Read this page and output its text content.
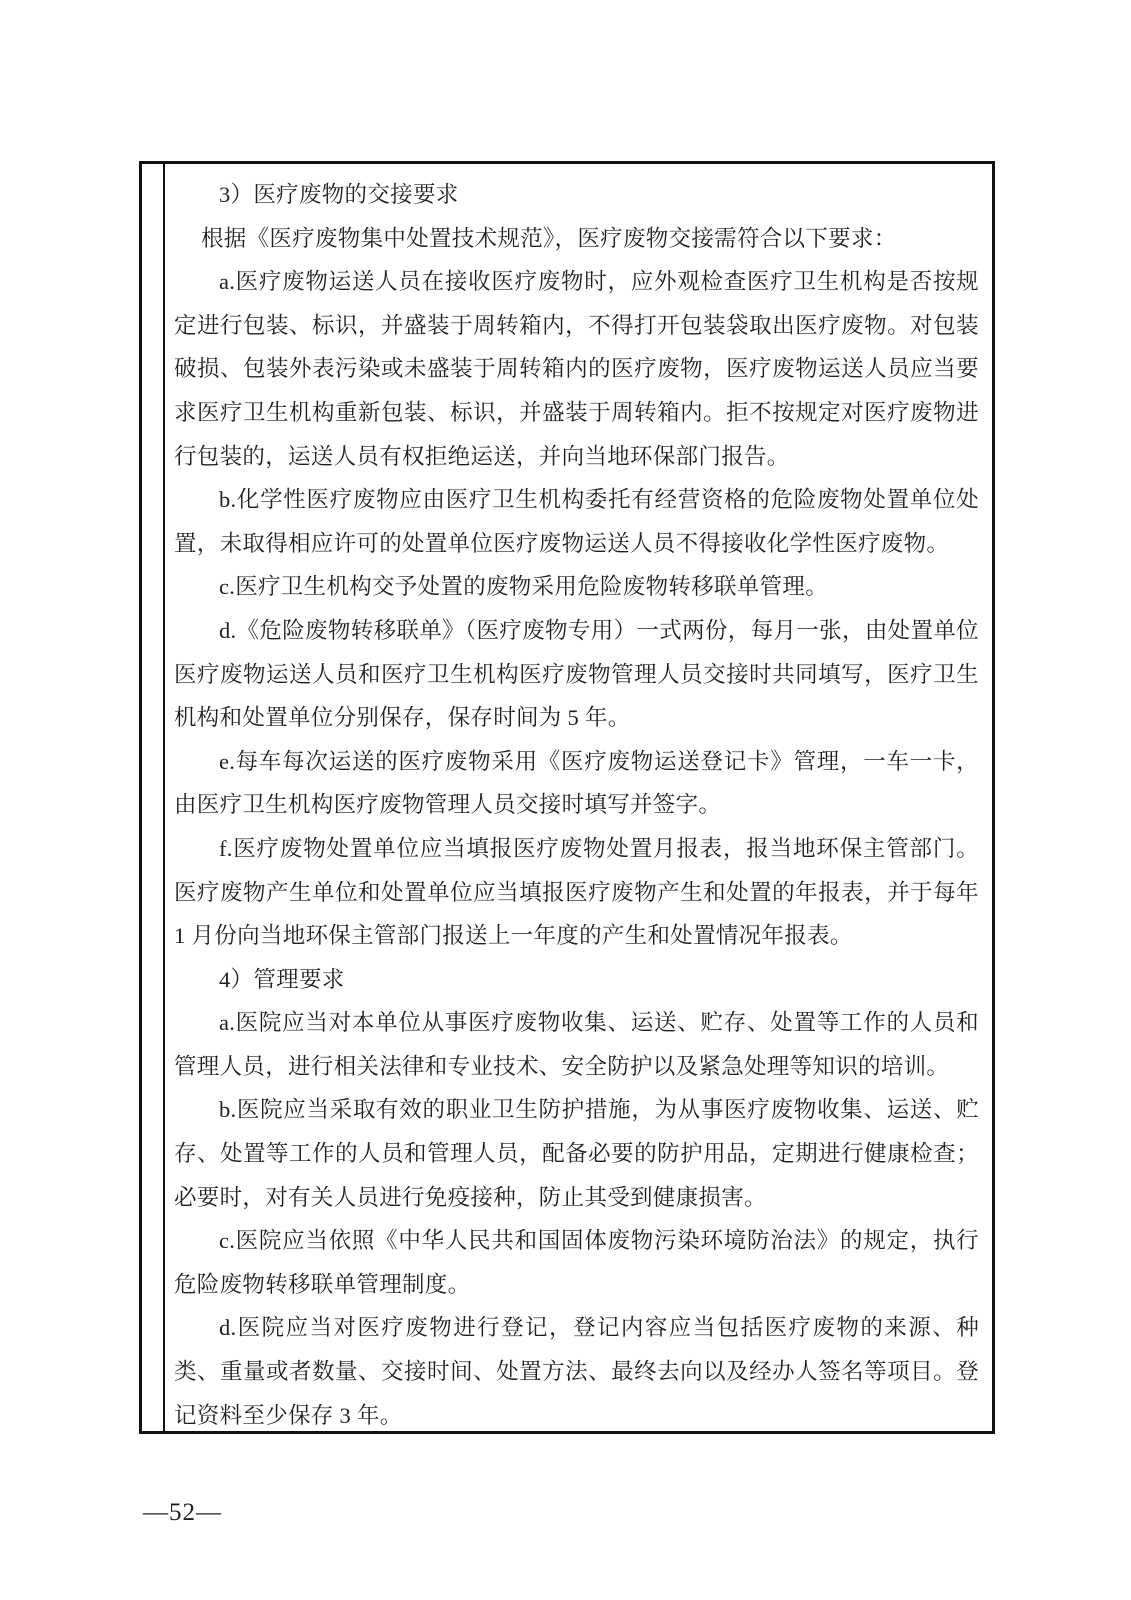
3）医疗废物的交接要求

根据《医疗废物集中处置技术规范》，医疗废物交接需符合以下要求：

a.医疗废物运送人员在接收医疗废物时，应外观检查医疗卫生机构是否按规定进行包装、标识，并盛装于周转箱内，不得打开包装袋取出医疗废物。对包装破损、包装外表污染或未盛装于周转箱内的医疗废物，医疗废物运送人员应当要求医疗卫生机构重新包装、标识，并盛装于周转箱内。拒不按规定对医疗废物进行包装的，运送人员有权拒绝运送，并向当地环保部门报告。

b.化学性医疗废物应由医疗卫生机构委托有经营资格的危险废物处置单位处置，未取得相应许可的处置单位医疗废物运送人员不得接收化学性医疗废物。

c.医疗卫生机构交予处置的废物采用危险废物转移联单管理。

d.《危险废物转移联单》（医疗废物专用）一式两份，每月一张，由处置单位医疗废物运送人员和医疗卫生机构医疗废物管理人员交接时共同填写，医疗卫生机构和处置单位分别保存，保存时间为 5 年。

e.每车每次运送的医疗废物采用《医疗废物运送登记卡》管理，一车一卡，由医疗卫生机构医疗废物管理人员交接时填写并签字。

f.医疗废物处置单位应当填报医疗废物处置月报表，报当地环保主管部门。医疗废物产生单位和处置单位应当填报医疗废物产生和处置的年报表，并于每年 1 月份向当地环保主管部门报送上一年度的产生和处置情况年报表。

4）管理要求

a.医院应当对本单位从事医疗废物收集、运送、贮存、处置等工作的人员和管理人员，进行相关法律和专业技术、安全防护以及紧急处理等知识的培训。

b.医院应当采取有效的职业卫生防护措施，为从事医疗废物收集、运送、贮存、处置等工作的人员和管理人员，配备必要的防护用品，定期进行健康检查；必要时，对有关人员进行免疫接种，防止其受到健康损害。

c.医院应当依照《中华人民共和国固体废物污染环境防治法》的规定，执行危险废物转移联单管理制度。

d.医院应当对医疗废物进行登记，登记内容应当包括医疗废物的来源、种类、重量或者数量、交接时间、处置方法、最终去向以及经办人签名等项目。登记资料至少保存 3 年。

—52—
